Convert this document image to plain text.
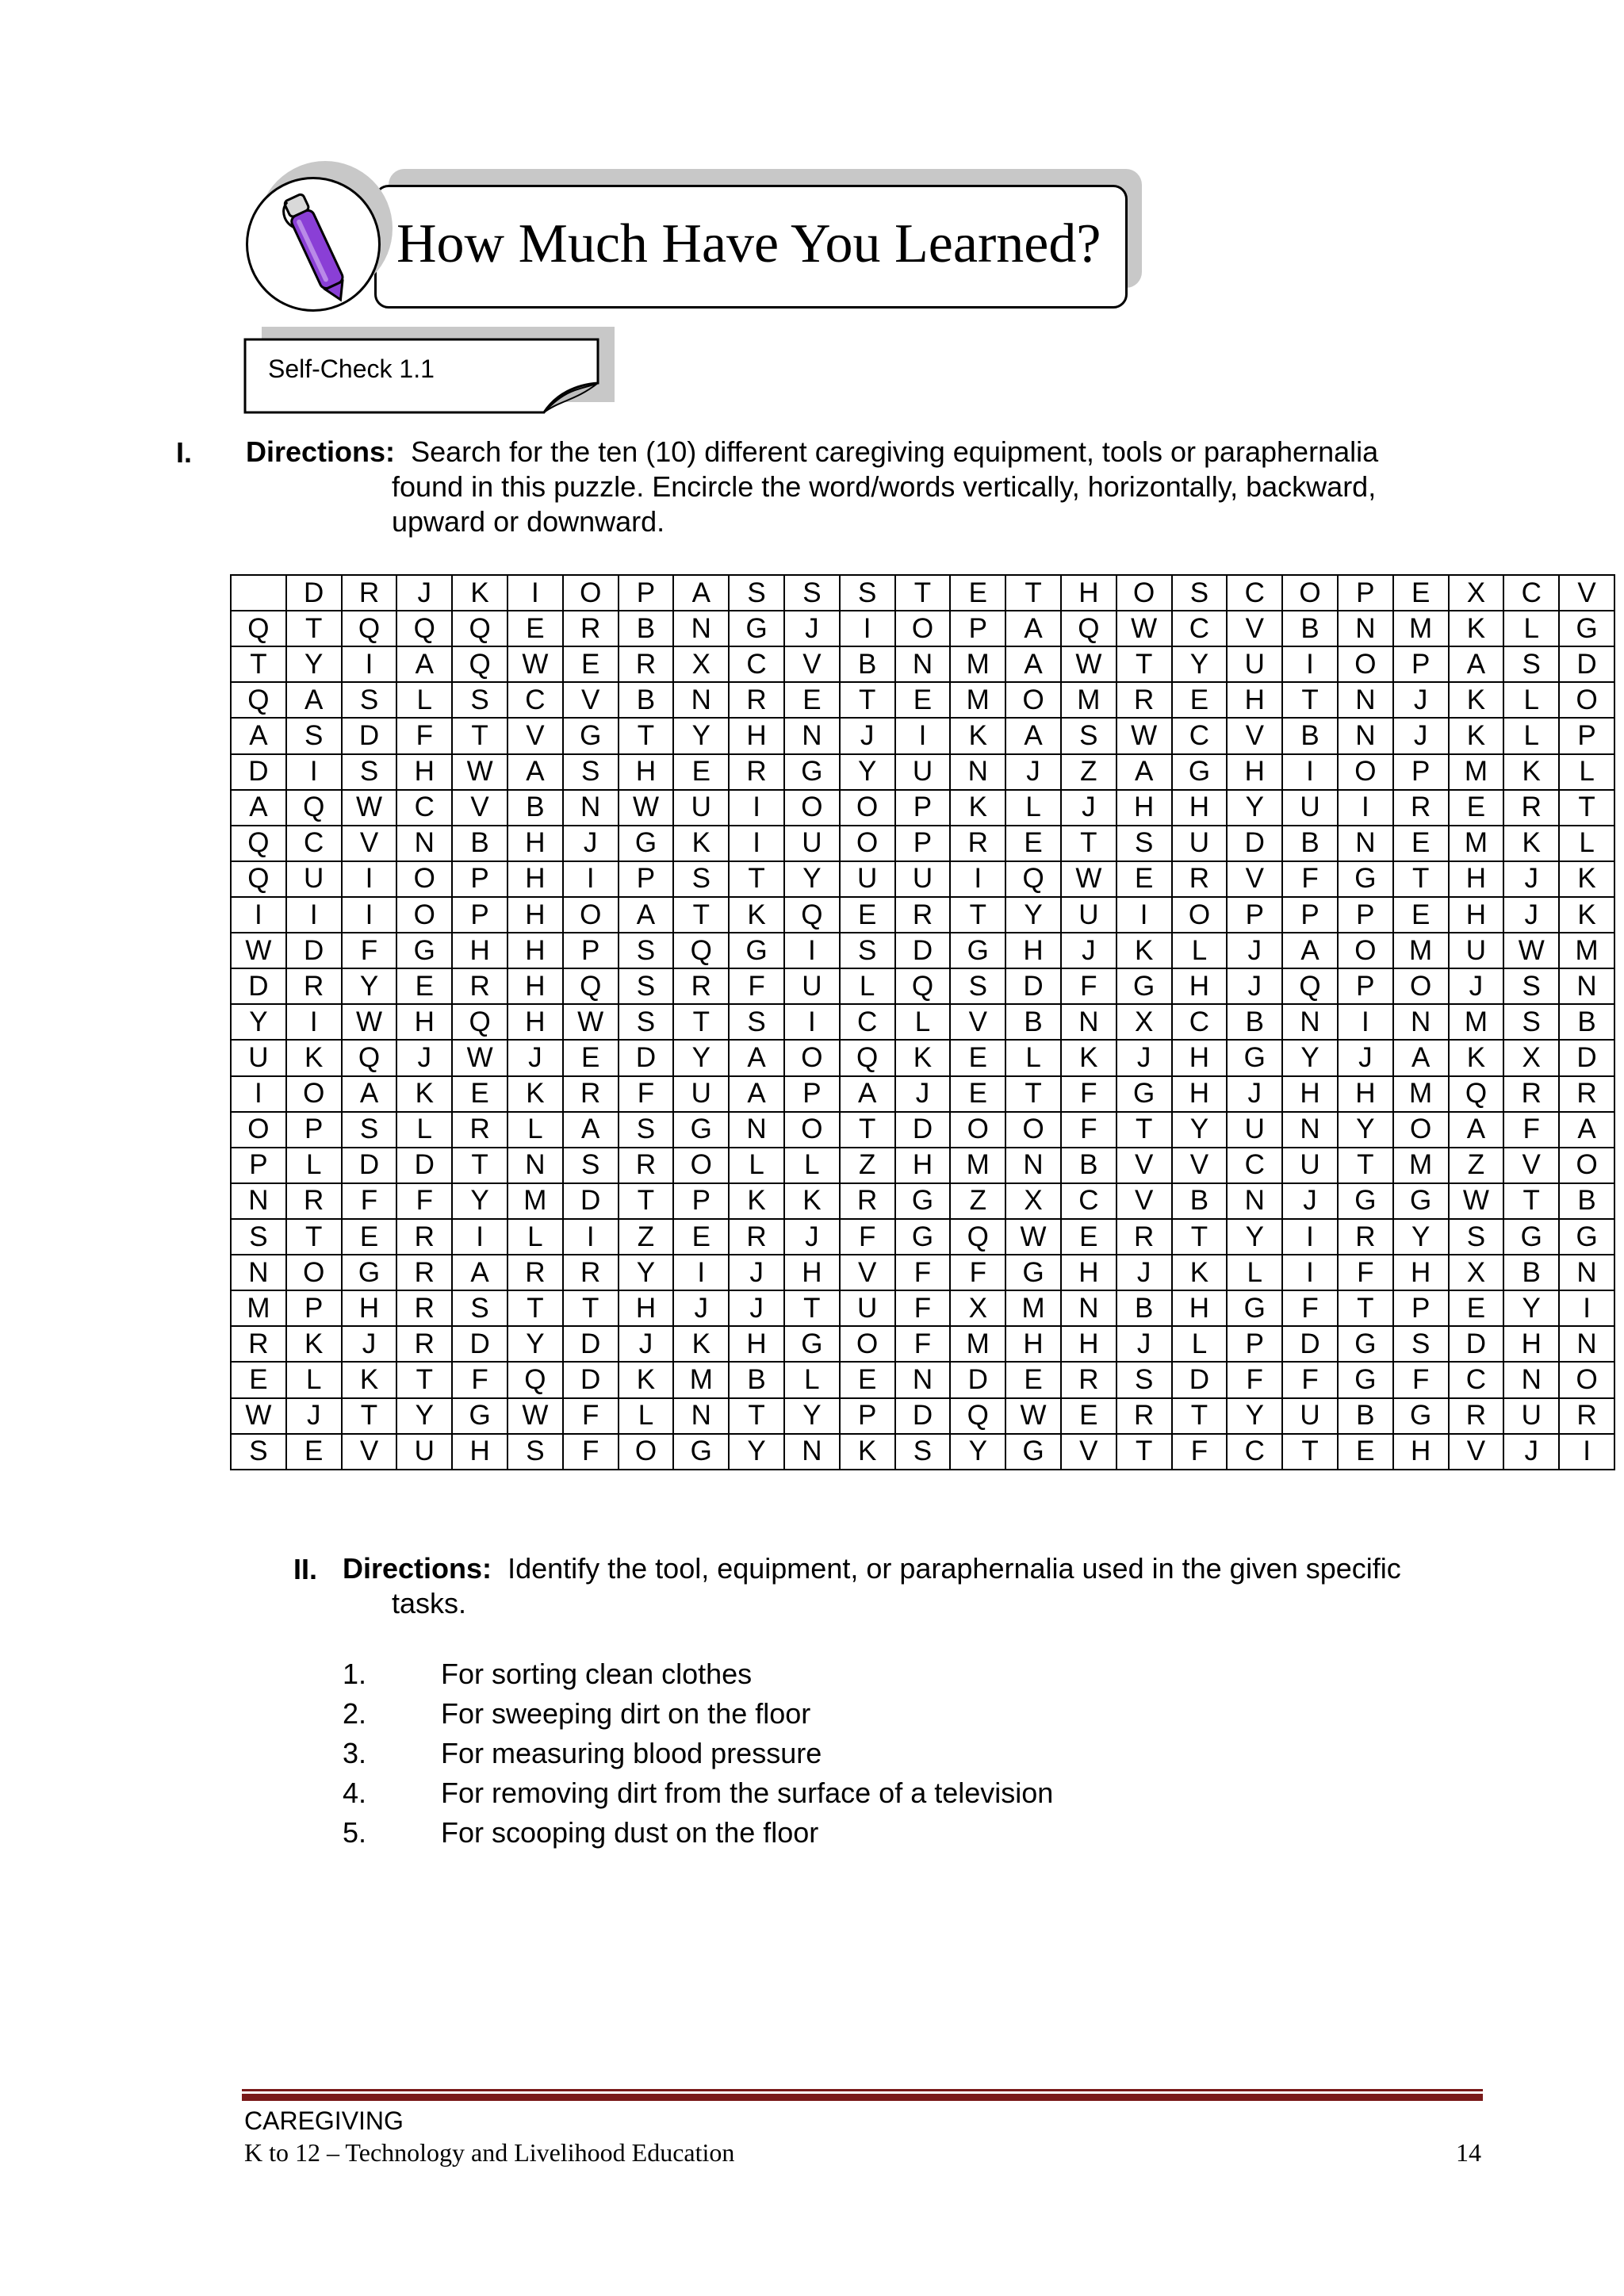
How Much Have You Learned?
Self-Check 1.1
I. Directions: Search for the ten (10) different caregiving equipment, tools or paraphernalia
found in this puzzle. Encircle the word/words vertically, horizontally, backward,
upward or downward.
	D	R	J	K	I	O	P	A	S	S	S	T	E	T	H	O	S	C	O	P	E	X	C	V
Q	T	Q	Q	Q	E	R	B	N	G	J	I	O	P	A	Q	W	C	V	B	N	M	K	L	G
T	Y	I	A	Q	W	E	R	X	C	V	B	N	M	A	W	T	Y	U	I	O	P	A	S	D
Q	A	S	L	S	C	V	B	N	R	E	T	E	M	O	M	R	E	H	T	N	J	K	L	O
A	S	D	F	T	V	G	T	Y	H	N	J	I	K	A	S	W	C	V	B	N	J	K	L	P
D	I	S	H	W	A	S	H	E	R	G	Y	U	N	J	Z	A	G	H	I	O	P	M	K	L
A	Q	W	C	V	B	N	W	U	I	O	O	P	K	L	J	H	H	Y	U	I	R	E	R	T
Q	C	V	N	B	H	J	G	K	I	U	O	P	R	E	T	S	U	D	B	N	E	M	K	L
Q	U	I	O	P	H	I	P	S	T	Y	U	U	I	Q	W	E	R	V	F	G	T	H	J	K
I	I	I	O	P	H	O	A	T	K	Q	E	R	T	Y	U	I	O	P	P	P	E	H	J	K
W	D	F	G	H	H	P	S	Q	G	I	S	D	G	H	J	K	L	J	A	O	M	U	W	M
D	R	Y	E	R	H	Q	S	R	F	U	L	Q	S	D	F	G	H	J	Q	P	O	J	S	N
Y	I	W	H	Q	H	W	S	T	S	I	C	L	V	B	N	X	C	B	N	I	N	M	S	B
U	K	Q	J	W	J	E	D	Y	A	O	Q	K	E	L	K	J	H	G	Y	J	A	K	X	D
I	O	A	K	E	K	R	F	U	A	P	A	J	E	T	F	G	H	J	H	H	M	Q	R	R
O	P	S	L	R	L	A	S	G	N	O	T	D	O	O	F	T	Y	U	N	Y	O	A	F	A
P	L	D	D	T	N	S	R	O	L	L	Z	H	M	N	B	V	V	C	U	T	M	Z	V	O
N	R	F	F	Y	M	D	T	P	K	K	R	G	Z	X	C	V	B	N	J	G	G	W	T	B
S	T	E	R	I	L	I	Z	E	R	J	F	G	Q	W	E	R	T	Y	I	R	Y	S	G	G
N	O	G	R	A	R	R	Y	I	J	H	V	F	F	G	H	J	K	L	I	F	H	X	B	N
M	P	H	R	S	T	T	H	J	J	T	U	F	X	M	N	B	H	G	F	T	P	E	Y	I
R	K	J	R	D	Y	D	J	K	H	G	O	F	M	H	H	J	L	P	D	G	S	D	H	N
E	L	K	T	F	Q	D	K	M	B	L	E	N	D	E	R	S	D	F	F	G	F	C	N	O
W	J	T	Y	G	W	F	L	N	T	Y	P	D	Q	W	E	R	T	Y	U	B	G	R	U	R
S	E	V	U	H	S	F	O	G	Y	N	K	S	Y	G	V	T	F	C	T	E	H	V	J	I
II. Directions: Identify the tool, equipment, or paraphernalia used in the given specific
tasks.
1.	For sorting clean clothes
2.	For sweeping dirt on the floor
3.	For measuring blood pressure
4.	For removing dirt from the surface of a television
5.	For scooping dust on the floor
CAREGIVING
K to 12 – Technology and Livelihood Education	14
